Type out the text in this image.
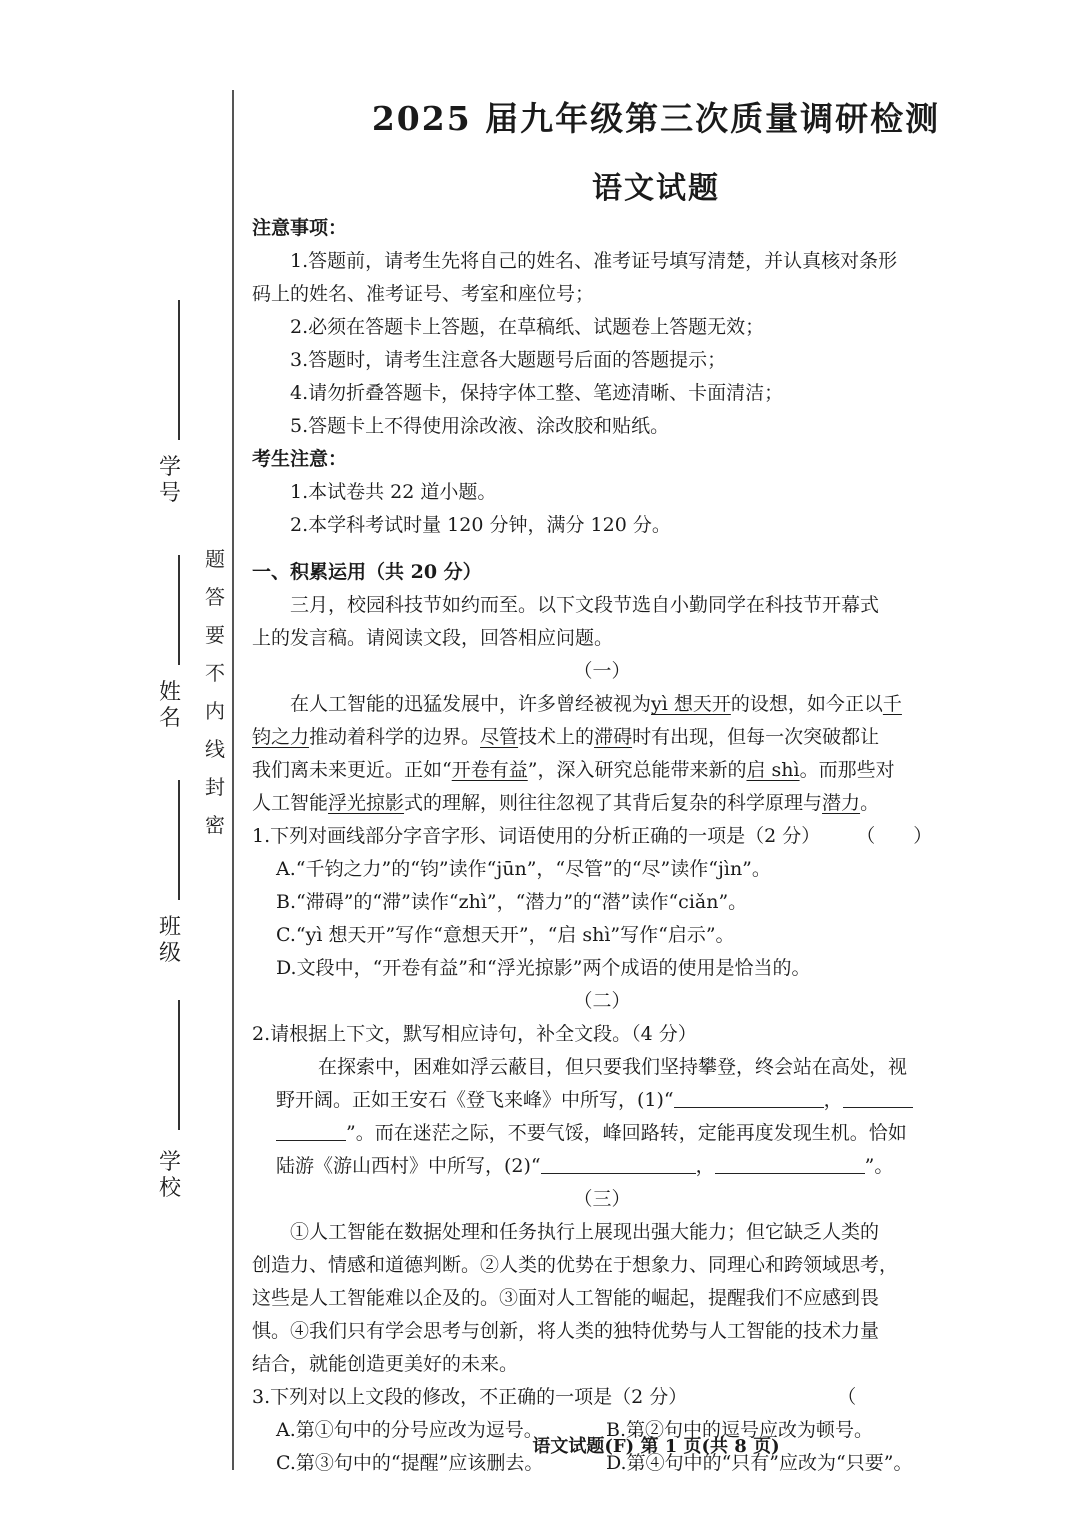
学 号
姓 名
班 级
学 校
题
答
要
不
内
线
封
密
2025 届九年级第三次质量调研检测
语文试题
注意事项：
1.答题前，请考生先将自己的姓名、准考证号填写清楚，并认真核对条形
码上的姓名、准考证号、考室和座位号；
2.必须在答题卡上答题，在草稿纸、试题卷上答题无效；
3.答题时，请考生注意各大题题号后面的答题提示；
4.请勿折叠答题卡，保持字体工整、笔迹清晰、卡面清洁；
5.答题卡上不得使用涂改液、涂改胶和贴纸。
考生注意：
1.本试卷共 22 道小题。
2.本学科考试时量 120 分钟，满分 120 分。
一、积累运用（共 20 分）
三月，校园科技节如约而至。以下文段节选自小勤同学在科技节开幕式
上的发言稿。请阅读文段，回答相应问题。
（一）
在人工智能的迅猛发展中，许多曾经被视为yì 想天开的设想，如今正以千
钧之力推动着科学的边界。尽管技术上的滞碍时有出现，但每一次突破都让
我们离未来更近。正如“开卷有益”，深入研究总能带来新的启 shì。而那些对
人工智能浮光掠影式的理解，则往往忽视了其背后复杂的科学原理与潜力。
1.下列对画线部分字音字形、词语使用的分析正确的一项是（2 分） （　　）
A.“千钧之力”的“钧”读作“jūn”，“尽管”的“尽”读作“jìn”。
B.“滞碍”的“滞”读作“zhì”，“潜力”的“潜”读作“ciǎn”。
C.“yì 想天开”写作“意想天开”，“启 shì”写作“启示”。
D.文段中，“开卷有益”和“浮光掠影”两个成语的使用是恰当的。
（二）
2.请根据上下文，默写相应诗句，补全文段。（4 分）
在探索中，困难如浮云蔽目，但只要我们坚持攀登，终会站在高处，视
野开阔。正如王安石《登飞来峰》中所写，(1)“	，
”。而在迷茫之际，不要气馁，峰回路转，定能再度发现生机。恰如
陆游《游山西村》中所写，(2)“	，	”。
（三）
①人工智能在数据处理和任务执行上展现出强大能力；但它缺乏人类的
创造力、情感和道德判断。②人类的优势在于想象力、同理心和跨领域思考，
这些是人工智能难以企及的。③面对人工智能的崛起，提醒我们不应感到畏
惧。④我们只有学会思考与创新，将人类的独特优势与人工智能的技术力量
结合，就能创造更美好的未来。
3.下列对以上文段的修改，不正确的一项是（2 分）	（
A.第①句中的分号应改为逗号。	B.第②句中的逗号应改为顿号。
C.第③句中的“提醒”应该删去。	D.第④句中的“只有”应改为“只要”。
语文试题(F) 第 1 页(共 8 页)
